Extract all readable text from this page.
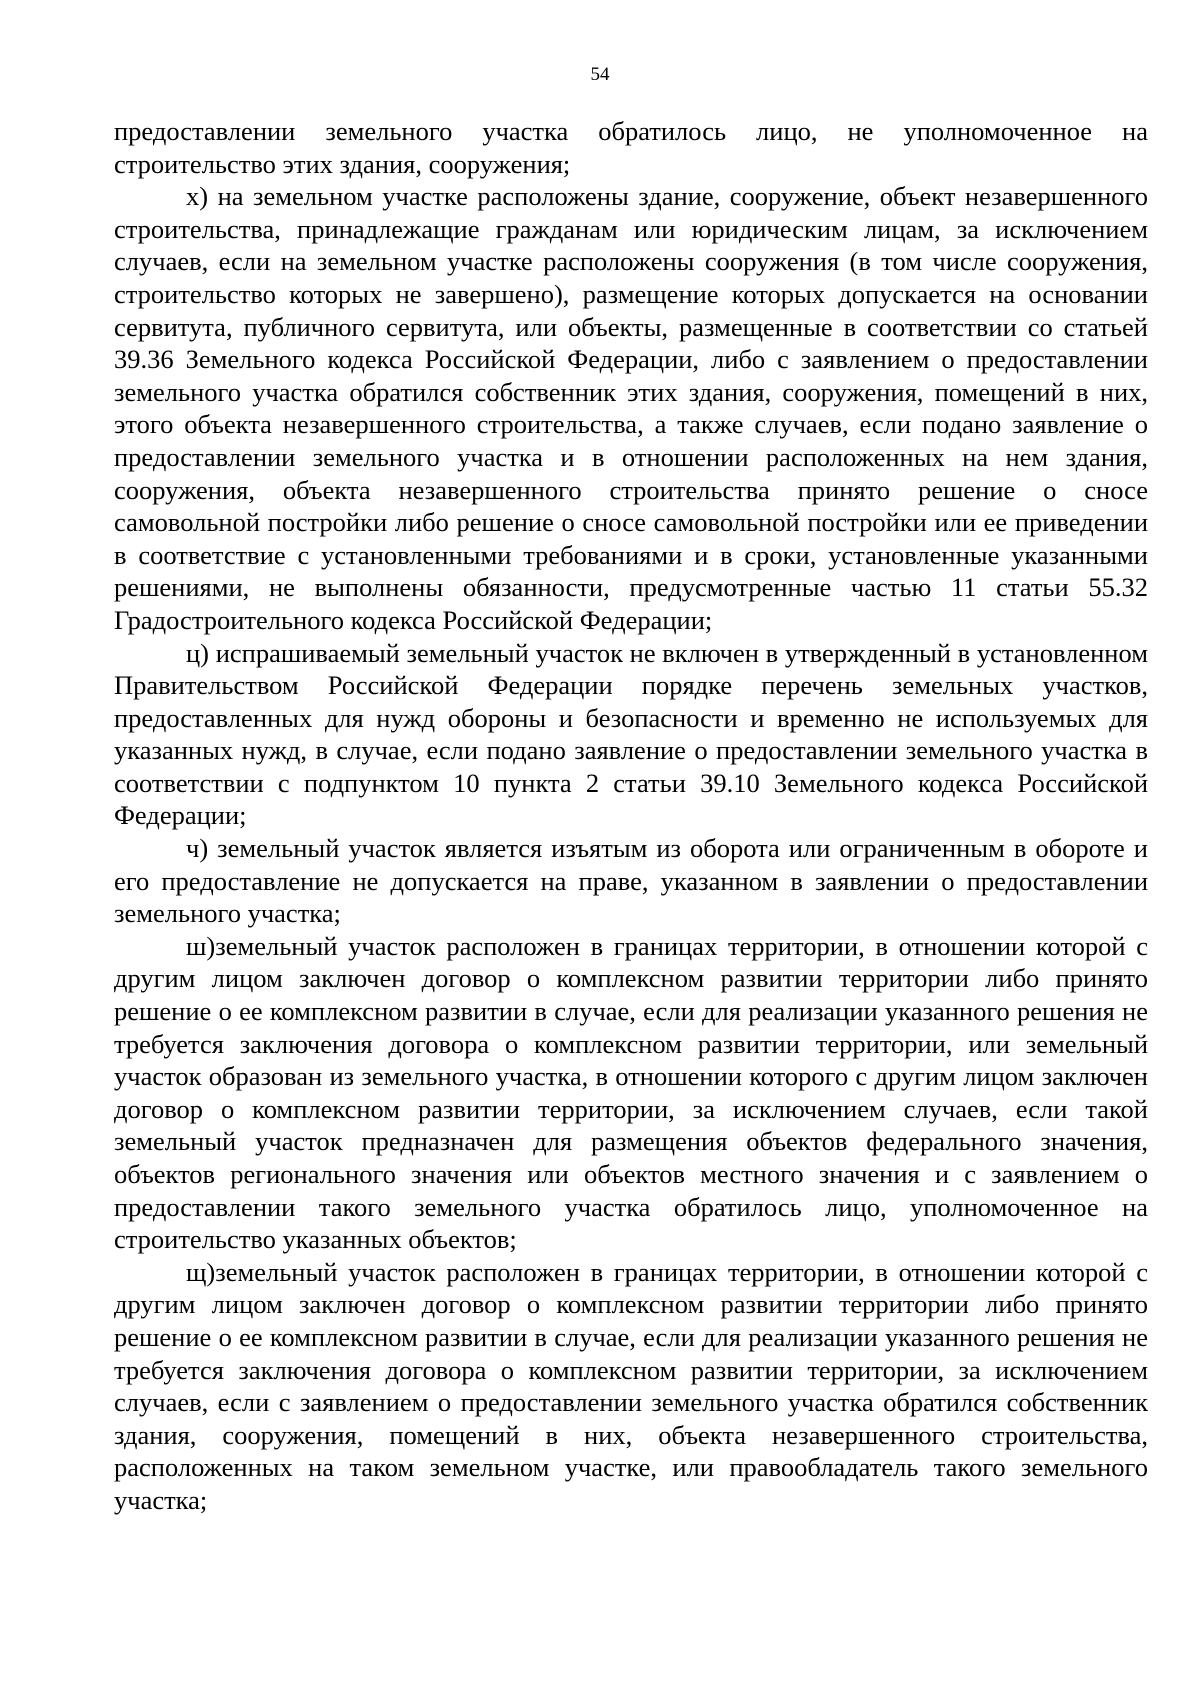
54

предоставлении земельного участка обратилось лицо, не уполномоченное на строительство этих здания, сооружения;

х) на земельном участке расположены здание, сооружение, объект незавершенного строительства, принадлежащие гражданам или юридическим лицам, за исключением случаев, если на земельном участке расположены сооружения (в том числе сооружения, строительство которых не завершено), размещение которых допускается на основании сервитута, публичного сервитута, или объекты, размещенные в соответствии со статьей 39.36 Земельного кодекса Российской Федерации, либо с заявлением о предоставлении земельного участка обратился собственник этих здания, сооружения, помещений в них, этого объекта незавершенного строительства, а также случаев, если подано заявление о предоставлении земельного участка и в отношении расположенных на нем здания, сооружения, объекта незавершенного строительства принято решение о сносе самовольной постройки либо решение о сносе самовольной постройки или ее приведении в соответствие с установленными требованиями и в сроки, установленные указанными решениями, не выполнены обязанности, предусмотренные частью 11 статьи 55.32 Градостроительного кодекса Российской Федерации;

ц) испрашиваемый земельный участок не включен в утвержденный в установленном Правительством Российской Федерации порядке перечень земельных участков, предоставленных для нужд обороны и безопасности и временно не используемых для указанных нужд, в случае, если подано заявление о предоставлении земельного участка в соответствии с подпунктом 10 пункта 2 статьи 39.10 Земельного кодекса Российской Федерации;

ч) земельный участок является изъятым из оборота или ограниченным в обороте и его предоставление не допускается на праве, указанном в заявлении о предоставлении земельного участка;

ш)земельный участок расположен в границах территории, в отношении которой с другим лицом заключен договор о комплексном развитии территории либо принято решение о ее комплексном развитии в случае, если для реализации указанного решения не требуется заключения договора о комплексном развитии территории, или земельный участок образован из земельного участка, в отношении которого с другим лицом заключен договор о комплексном развитии территории, за исключением случаев, если такой земельный участок предназначен для размещения объектов федерального значения, объектов регионального значения или объектов местного значения и с заявлением о предоставлении такого земельного участка обратилось лицо, уполномоченное на строительство указанных объектов;

щ)земельный участок расположен в границах территории, в отношении которой с другим лицом заключен договор о комплексном развитии территории либо принято решение о ее комплексном развитии в случае, если для реализации указанного решения не требуется заключения договора о комплексном развитии территории, за исключением случаев, если с заявлением о предоставлении земельного участка обратился собственник здания, сооружения, помещений в них, объекта незавершенного строительства, расположенных на таком земельном участке, или правообладатель такого земельного участка;
